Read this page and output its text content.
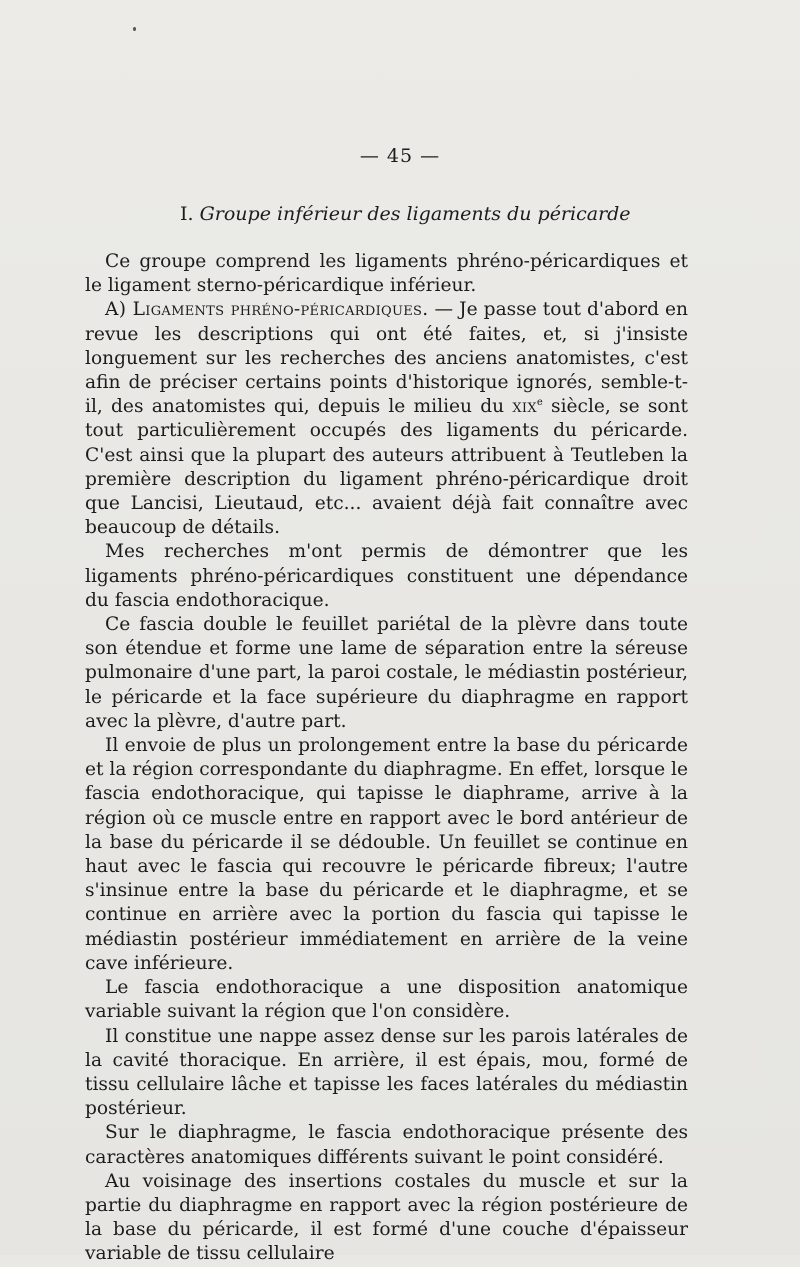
— 45 —
I. Groupe inférieur des ligaments du péricarde

Ce groupe comprend les ligaments phréno-péricardiques et le ligament sterno-péricardique inférieur.

A) Ligaments phréno-péricardiques. — Je passe tout d'abord en revue les descriptions qui ont été faites, et, si j'insiste longuement sur les recherches des anciens anatomistes, c'est afin de préciser certains points d'historique ignorés, semble-t-il, des anatomistes qui, depuis le milieu du xix$^e$ siècle, se sont tout particulièrement occupés des ligaments du péricarde. C'est ainsi que la plupart des auteurs attribuent à Teutleben la première description du ligament phréno-péricardique droit que Lancisi, Lieutaud, etc... avaient déjà fait connaître avec beaucoup de détails.

Mes recherches m'ont permis de démontrer que les ligaments phréno-péricardiques constituent une dépendance du fascia endothoracique.

Ce fascia double le feuillet pariétal de la plèvre dans toute son étendue et forme une lame de séparation entre la séreuse pulmonaire d'une part, la paroi costale, le médiastin postérieur, le péricarde et la face supérieure du diaphragme en rapport avec la plèvre, d'autre part.

Il envoie de plus un prolongement entre la base du péricarde et la région correspondante du diaphragme. En effet, lorsque le fascia endothoracique, qui tapisse le diaphrame, arrive à la région où ce muscle entre en rapport avec le bord antérieur de la base du péricarde il se dédouble. Un feuillet se continue en haut avec le fascia qui recouvre le péricarde fibreux; l'autre s'insinue entre la base du péricarde et le diaphragme, et se continue en arrière avec la portion du fascia qui tapisse le médiastin postérieur immédiatement en arrière de la veine cave inférieure.

Le fascia endothoracique a une disposition anatomique variable suivant la région que l'on considère.

Il constitue une nappe assez dense sur les parois latérales de la cavité thoracique. En arrière, il est épais, mou, formé de tissu cellulaire lâche et tapisse les faces latérales du médiastin postérieur.

Sur le diaphragme, le fascia endothoracique présente des caractères anatomiques différents suivant le point considéré.

Au voisinage des insertions costales du muscle et sur la partie du diaphragme en rapport avec la région postérieure de la base du péricarde, il est formé d'une couche d'épaisseur variable de tissu cellulaire
